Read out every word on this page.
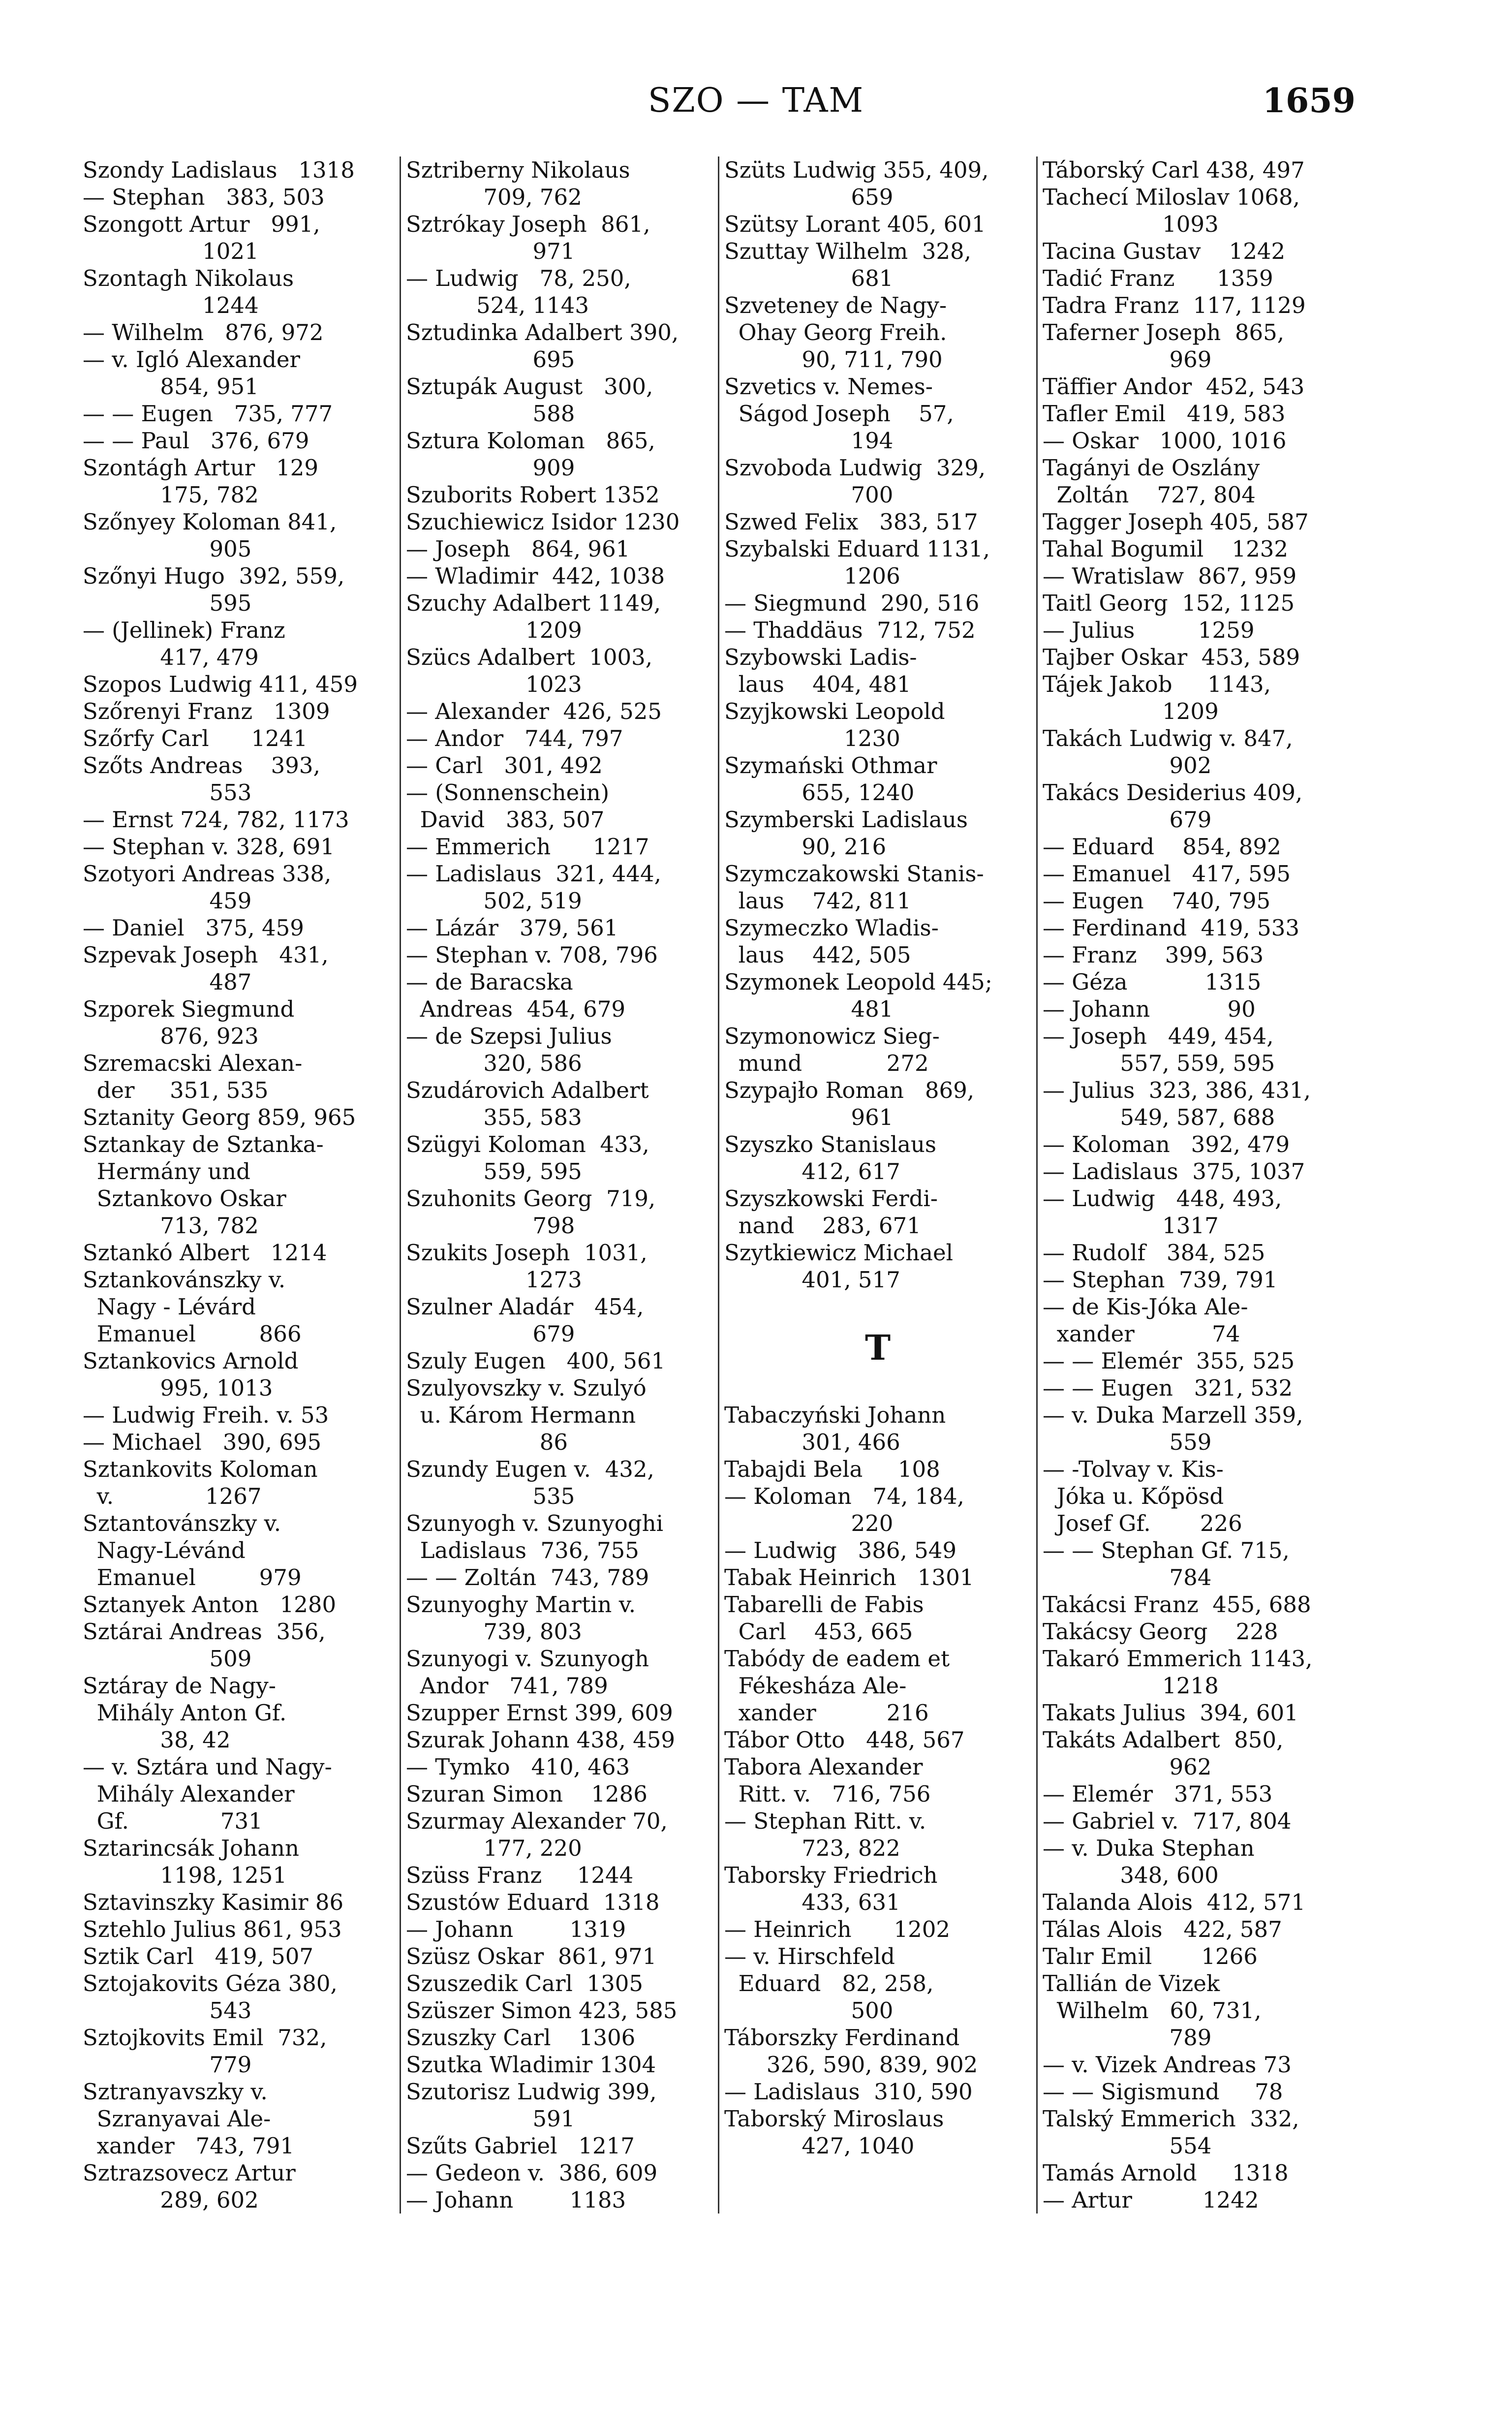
SZO — TAM	1659
Szondy Ladislaus   1318
— Stephan   383, 503
Szongott Artur   991,
1021
Szontagh Nikolaus
1244
— Wilhelm   876, 972
— v. Igló Alexander
854, 951
— — Eugen   735, 777
— — Paul   376, 679
Szontágh Artur   129
175, 782
Szőnyey Koloman 841,
905
Szőnyi Hugo  392, 559,
595
— (Jellinek) Franz
417, 479
Szopos Ludwig 411, 459
Szőrenyi Franz   1309
Szőrfy Carl      1241
Szőts Andreas    393,
553
— Ernst 724, 782, 1173
— Stephan v. 328, 691
Szotyori Andreas 338,
459
— Daniel   375, 459
Szpevak Joseph   431,
487
Szporek Siegmund
876, 923
Szremacski Alexan-
der     351, 535
Sztanity Georg 859, 965
Sztankay de Sztanka-
Hermány und
Sztankovo Oskar
713, 782
Sztankó Albert   1214
Sztankovánszky v.
Nagy - Lévárd
Emanuel         866
Sztankovics Arnold
995, 1013
— Ludwig Freih. v. 53
— Michael   390, 695
Sztankovits Koloman
v.             1267
Sztantovánszky v.
Nagy-Lévánd
Emanuel         979
Sztanyek Anton   1280
Sztárai Andreas  356,
509
Sztáray de Nagy-
Mihály Anton Gf.
38, 42
— v. Sztára und Nagy-
Mihály Alexander
Gf.             731
Sztarincsák Johann
1198, 1251
Sztavinszky Kasimir 86
Sztehlo Julius 861, 953
Sztik Carl   419, 507
Sztojakovits Géza 380,
543
Sztojkovits Emil  732,
779
Sztranyavszky v.
Szranyavai Ale-
xander   743, 791
Sztrazsovecz Artur
289, 602
Sztriberny Nikolaus
709, 762
Sztrókay Joseph  861,
971
— Ludwig   78, 250,
524, 1143
Sztudinka Adalbert 390,
695
Sztupák August   300,
588
Sztura Koloman   865,
909
Szuborits Robert 1352
Szuchiewicz Isidor 1230
— Joseph   864, 961
— Wladimir  442, 1038
Szuchy Adalbert 1149,
1209
Szücs Adalbert  1003,
1023
— Alexander  426, 525
— Andor   744, 797
— Carl   301, 492
— (Sonnenschein)
David   383, 507
— Emmerich      1217
— Ladislaus  321, 444,
502, 519
— Lázár   379, 561
— Stephan v. 708, 796
— de Baracska
Andreas  454, 679
— de Szepsi Julius
320, 586
Szudárovich Adalbert
355, 583
Szügyi Koloman  433,
559, 595
Szuhonits Georg  719,
798
Szukits Joseph  1031,
1273
Szulner Aladár   454,
679
Szuly Eugen   400, 561
Szulyovszky v. Szulyó
u. Károm Hermann
86
Szundy Eugen v.  432,
535
Szunyogh v. Szunyoghi
Ladislaus  736, 755
— — Zoltán  743, 789
Szunyoghy Martin v.
739, 803
Szunyogi v. Szunyogh
Andor   741, 789
Szupper Ernst 399, 609
Szurak Johann 438, 459
— Tymko   410, 463
Szuran Simon    1286
Szurmay Alexander 70,
177, 220
Szüss Franz     1244
Szustów Eduard  1318
— Johann        1319
Szüsz Oskar  861, 971
Szuszedik Carl  1305
Szüszer Simon 423, 585
Szuszky Carl    1306
Szutka Wladimir 1304
Szutorisz Ludwig 399,
591
Szűts Gabriel   1217
— Gedeon v.  386, 609
— Johann        1183
Szüts Ludwig 355, 409,
659
Szütsy Lorant 405, 601
Szuttay Wilhelm  328,
681
Szveteney de Nagy-
Ohay Georg Freih.
90, 711, 790
Szvetics v. Nemes-
Ságod Joseph    57,
194
Szvoboda Ludwig  329,
700
Szwed Felix   383, 517
Szybalski Eduard 1131,
1206
— Siegmund  290, 516
— Thaddäus  712, 752
Szybowski Ladis-
laus    404, 481
Szyjkowski Leopold
1230
Szymańskі Othmar
655, 1240
Szymberski Ladislaus
90, 216
Szymczakowski Stanis-
laus    742, 811
Szymeczko Wladis-
laus    442, 505
Szymonek Leopold 445;
481
Szymonowicz Sieg-
mund            272
Szypajło Roman   869,
961
Szyszko Stanislaus
412, 617
Szyszkowski Ferdi-
nand    283, 671
Szytkiewicz Michael
401, 517
T
Tabaczyński Johann
301, 466
Tabajdi Bela     108
— Koloman   74, 184,
220
— Ludwig   386, 549
Tabak Heinrich   1301
Tabarelli de Fabis
Carl    453, 665
Tabódy de eadem et
Fékesháza Ale-
xander          216
Tábor Otto   448, 567
Tabora Alexander
Ritt. v.   716, 756
— Stephan Ritt. v.
723, 822
Taborsky Friedrich
433, 631
— Heinrich      1202
— v. Hirschfeld
Eduard   82, 258,
500
Táborszky Ferdinand
326, 590, 839, 902
— Ladislaus  310, 590
Taborský Miroslaus
427, 1040
Táborský Carl 438, 497
Tachecí Miloslav 1068,
1093
Tacina Gustav    1242
Tadić Franz      1359
Tadra Franz  117, 1129
Taferner Joseph  865,
969
Täffier Andor  452, 543
Tafler Emil   419, 583
— Oskar   1000, 1016
Tagányi de Oszlány
Zoltán    727, 804
Tagger Joseph 405, 587
Tahal Bogumil    1232
— Wratislaw  867, 959
Taitl Georg  152, 1125
— Julius         1259
Tajber Oskar  453, 589
Tájek Jakob     1143,
1209
Takách Ludwig v. 847,
902
Takács Desiderius 409,
679
— Eduard    854, 892
— Emanuel   417, 595
— Eugen    740, 795
— Ferdinand  419, 533
— Franz    399, 563
— Géza           1315
— Johann           90
— Joseph   449, 454,
557, 559, 595
— Julius  323, 386, 431,
549, 587, 688
— Koloman   392, 479
— Ladislaus  375, 1037
— Ludwig   448, 493,
1317
— Rudolf   384, 525
— Stephan  739, 791
— de Kis-Jóka Ale-
xander           74
— — Elemér  355, 525
— — Eugen   321, 532
— v. Duka Marzell 359,
559
— -Tolvay v. Kis-
Jóka u. Kőpösd
Josef Gf.       226
— — Stephan Gf. 715,
784
Takácsi Franz  455, 688
Takácsy Georg    228
Takaró Emmerich 1143,
1218
Takats Julius  394, 601
Takáts Adalbert  850,
962
— Elemér   371, 553
— Gabriel v.  717, 804
— v. Duka Stephan
348, 600
Talanda Alois  412, 571
Tálas Alois   422, 587
Talır Emil       1266
Tallián de Vizek
Wilhelm   60, 731,
789
— v. Vizek Andreas 73
— — Sigismund     78
Talský Emmerich  332,
554
Tamás Arnold     1318
— Artur          1242
